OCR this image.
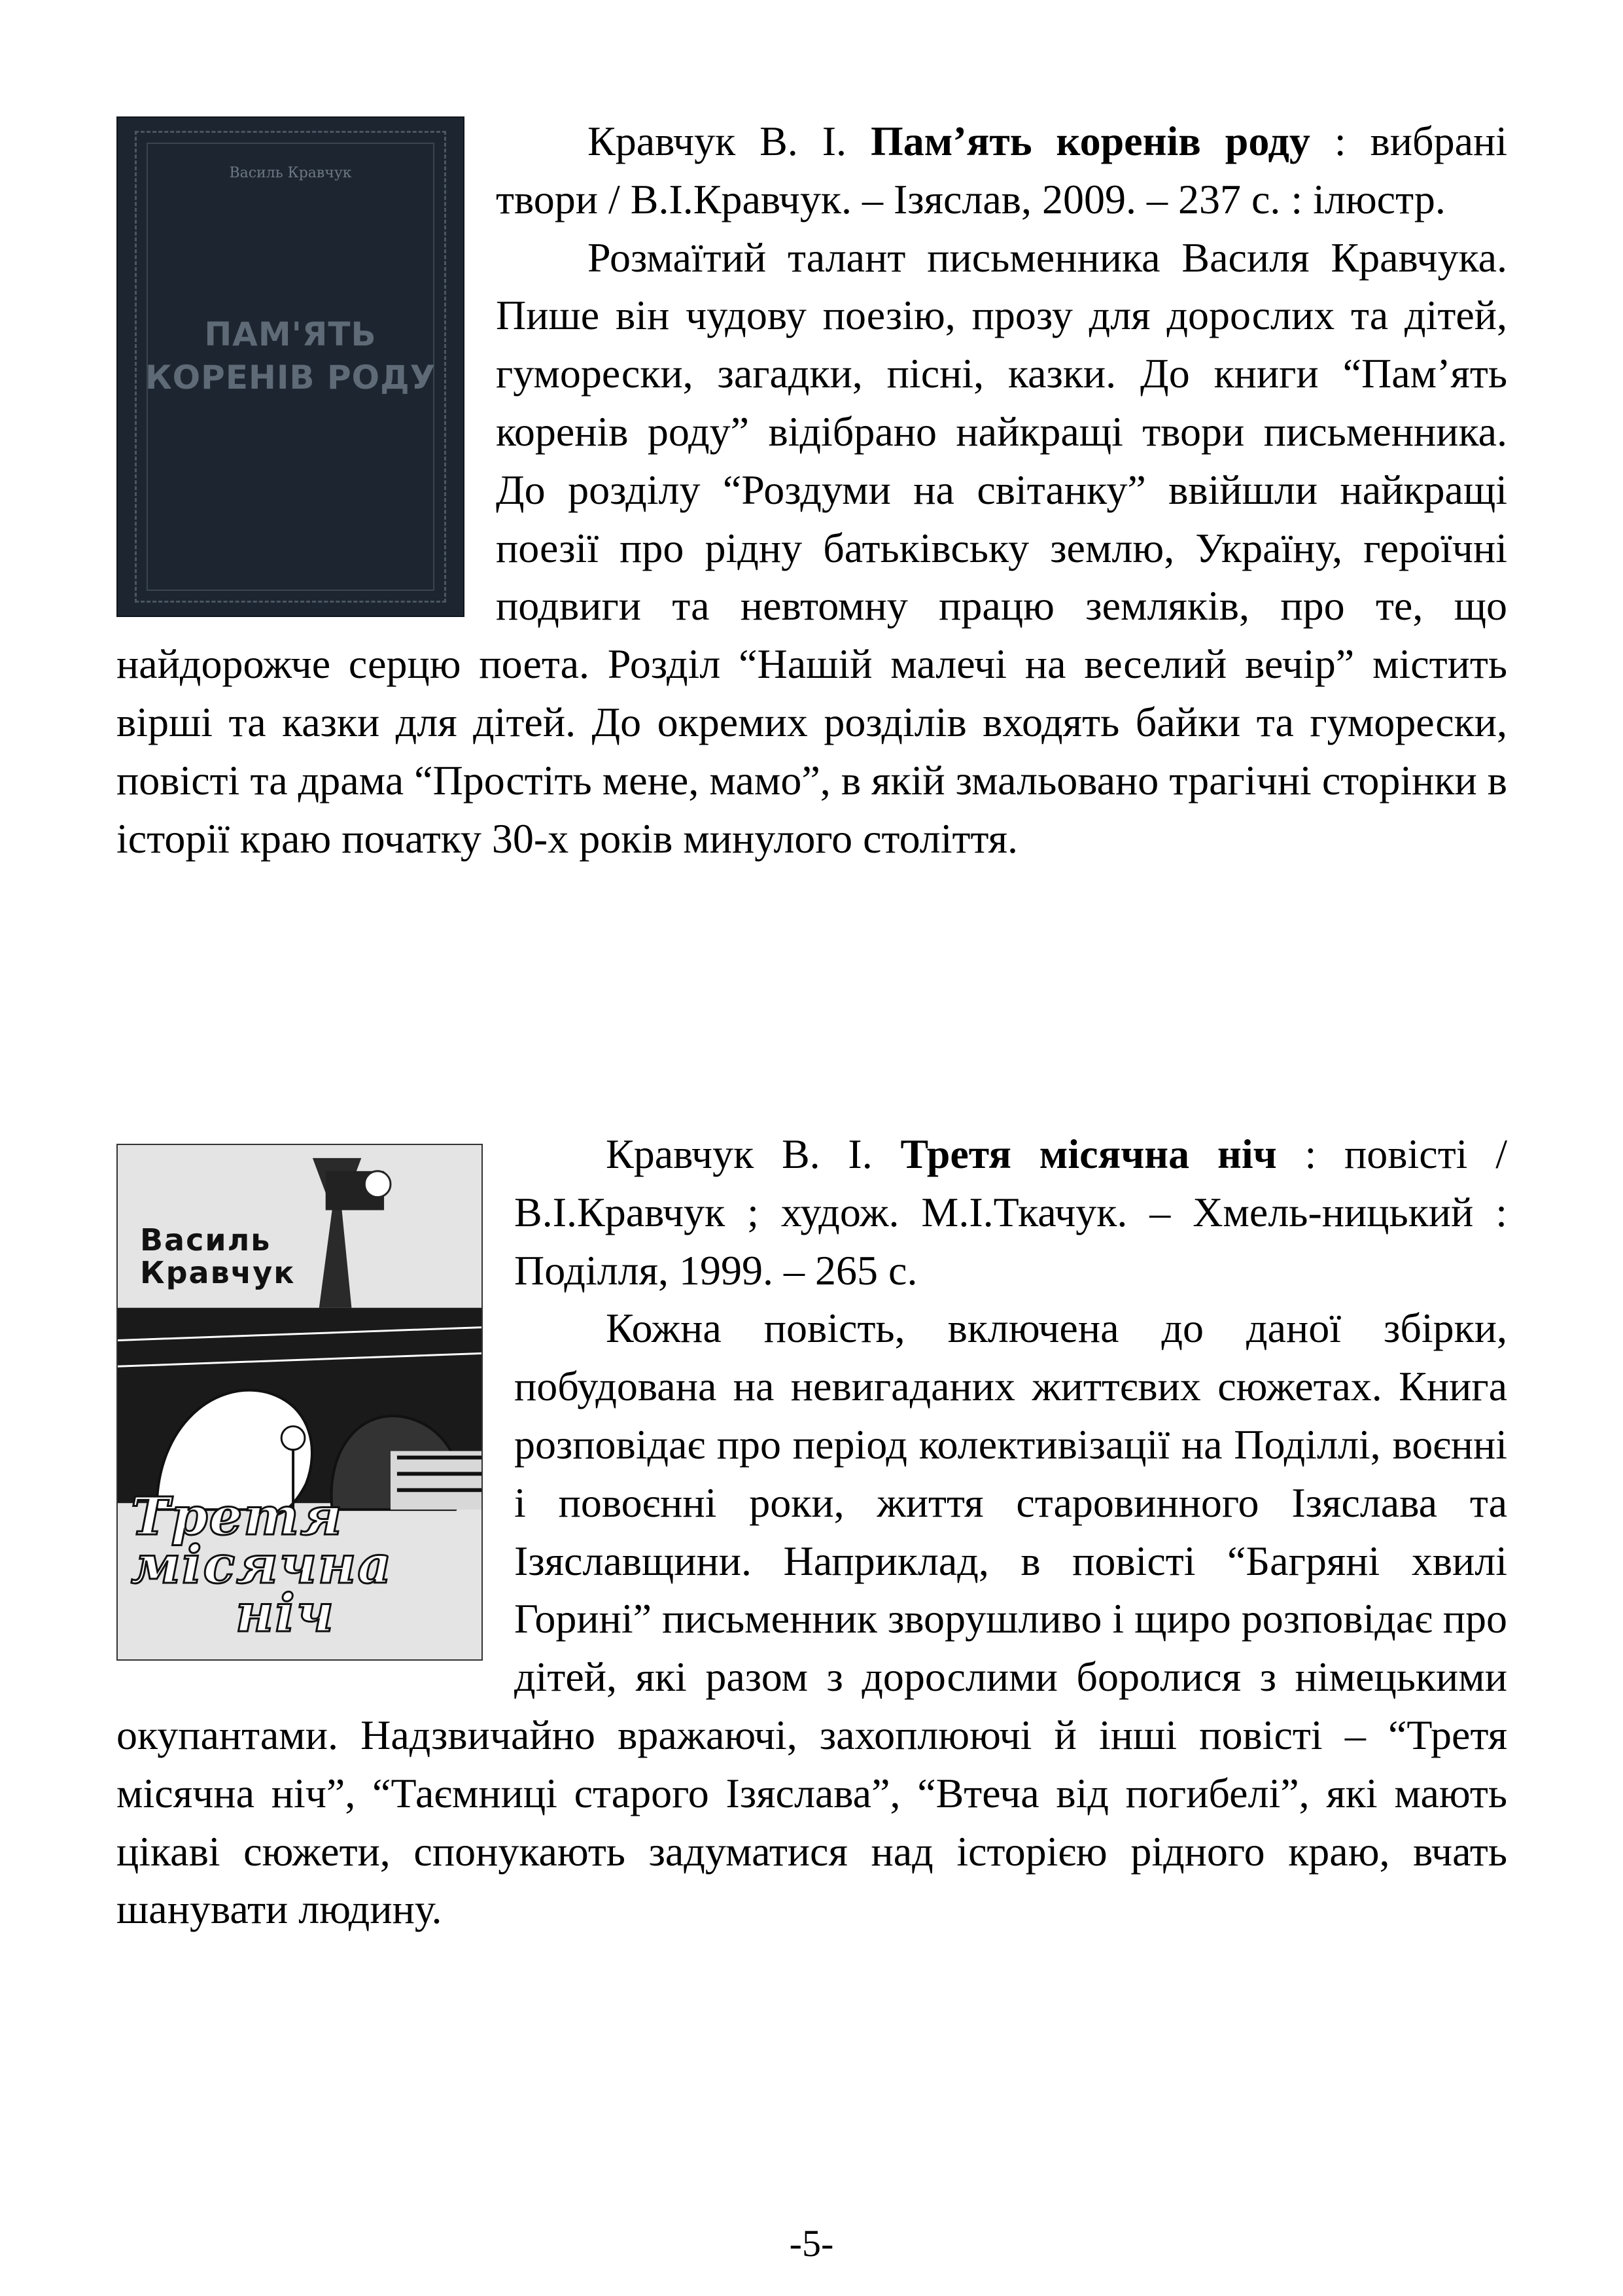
Василь Кравчук
ПАМ'ЯТЬ
КОРЕНІВ РОДУ

Кравчук В. І. Пам’ять коренів роду : вибрані твори / В.І.Кравчук. – Ізяслав, 2009. – 237 с. : ілюстр.

Розмаїтий талант письменника Василя Кравчука. Пише він чудову поезію, прозу для дорослих та дітей, гуморески, загадки, пісні, казки. До книги “Пам’ять коренів роду” відібрано найкращі твори письменника. До розділу “Роздуми на світанку” ввійшли найкращі поезії про рідну батьківську землю, Україну, героїчні подвиги та невтомну працю земляків, про те, що найдорожче серцю поета. Розділ “Нашій малечі на веселий вечір” містить вірші та казки для дітей. До окремих розділів входять байки та гуморески, повісті та драма “Простіть мене, мамо”, в якій змальовано трагічні сторінки в історії краю початку 30-х років минулого століття.

Василь
Кравчук
Третя
місячна
ніч

Кравчук В. І. Третя місячна ніч : повісті / В.І.Кравчук ; худож. М.І.Ткачук. – Хмель-ницький : Поділля, 1999. – 265 с.

Кожна повість, включена до даної збірки, побудована на невигаданих життєвих сюжетах. Книга розповідає про період колективізації на Поділлі, воєнні і повоєнні роки, життя старовинного Ізяслава та Ізяславщини. Наприклад, в повісті “Багряні хвилі Горині” письменник зворушливо і щиро розповідає про дітей, які разом з дорослими боролися з німецькими окупантами. Надзвичайно вражаючі, захоплюючі й інші повісті – “Третя місячна ніч”, “Таємниці старого Ізяслава”, “Втеча від погибелі”, які мають цікаві сюжети, спонукають задуматися над історією рідного краю, вчать шанувати людину.

-5-
